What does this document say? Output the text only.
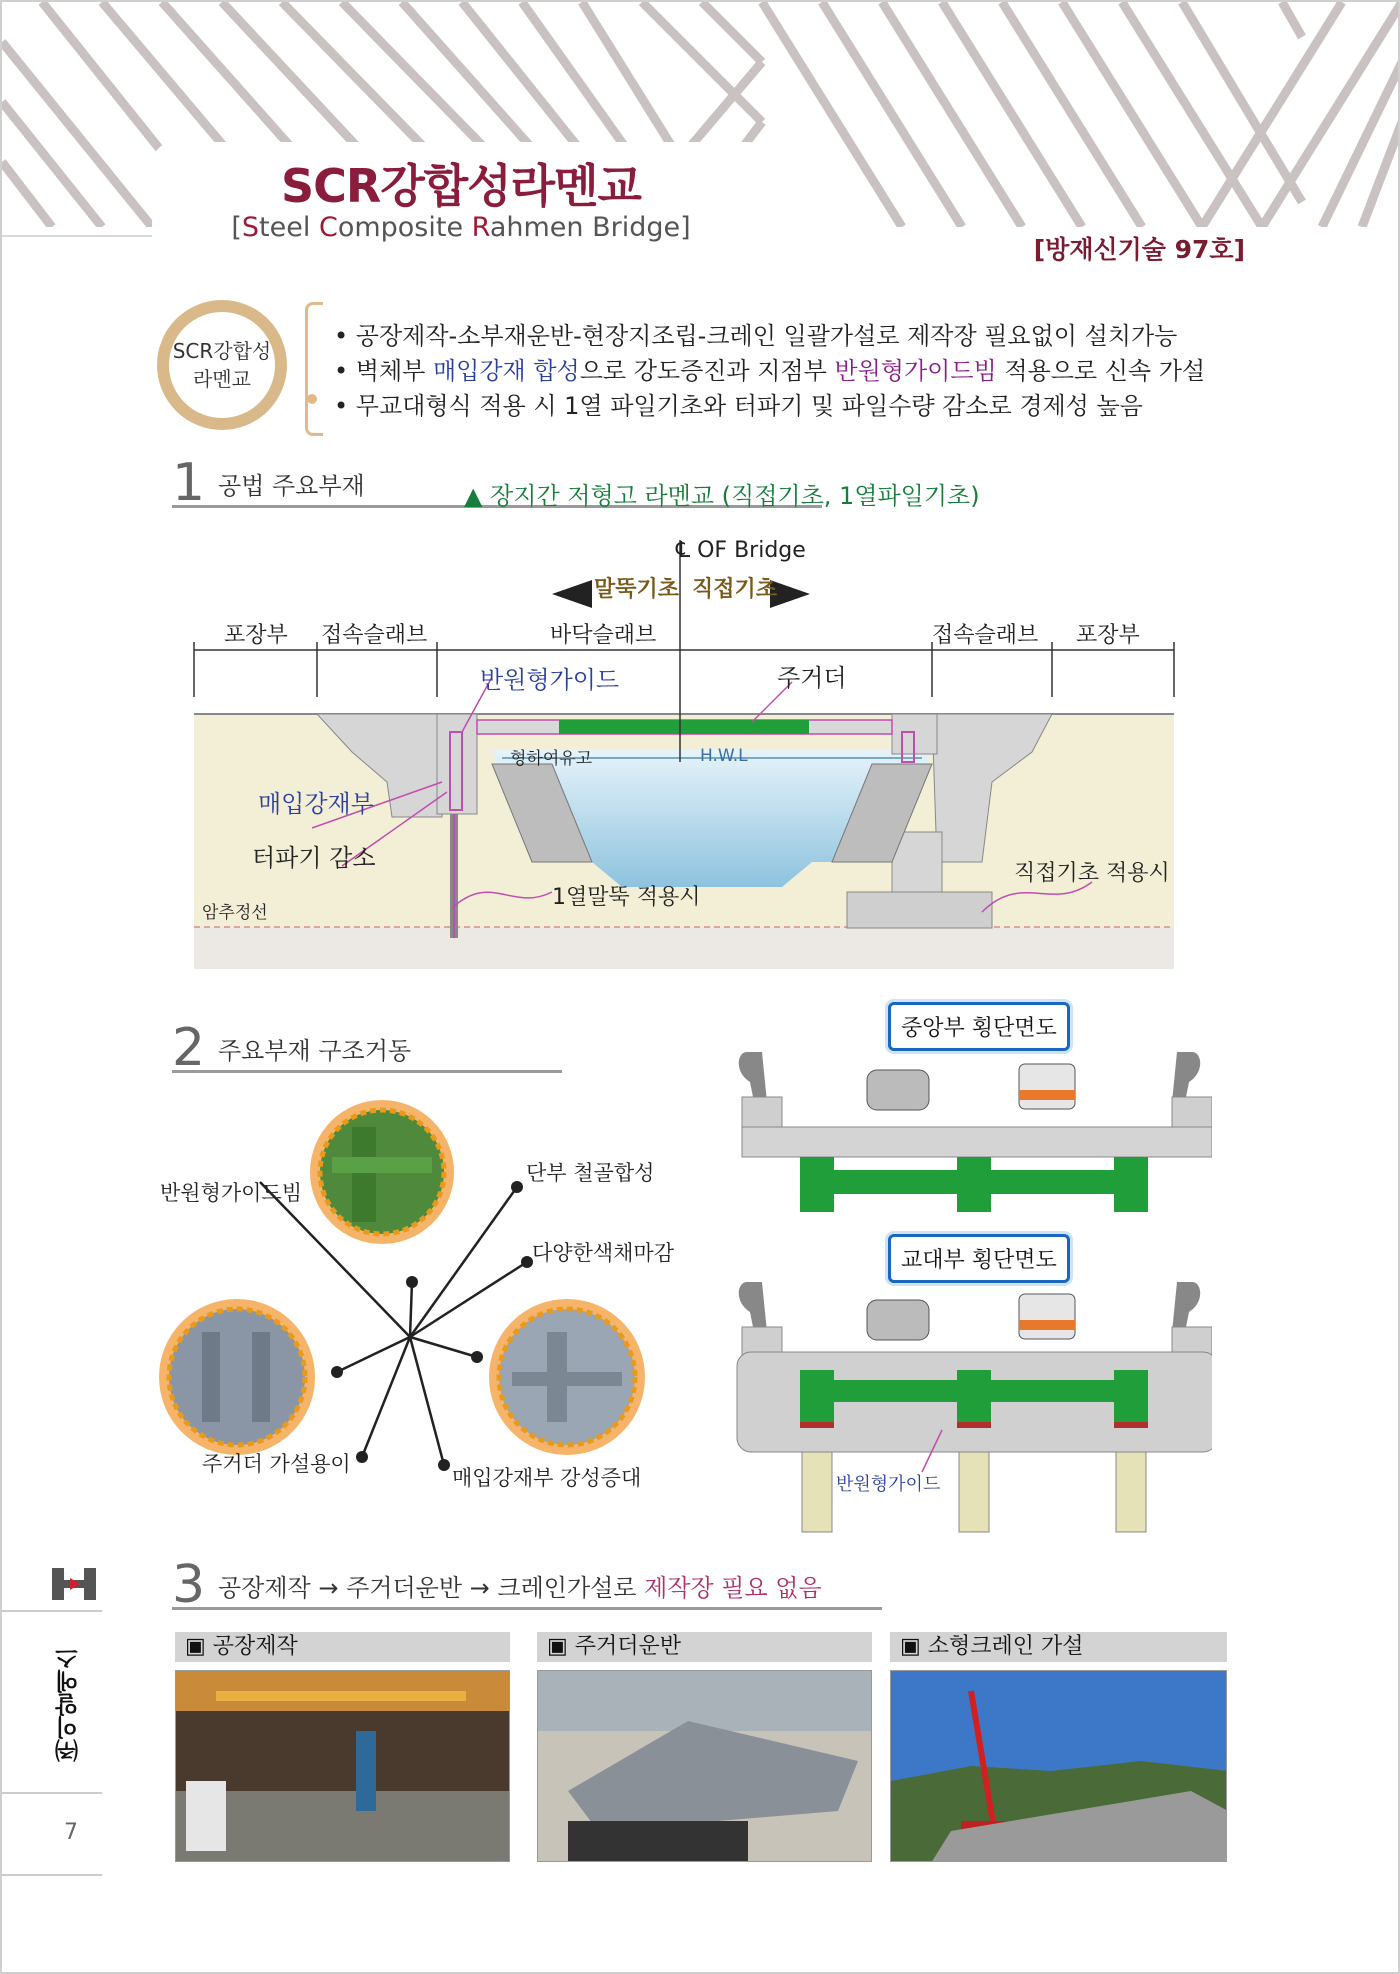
SCR강합성라멘교
[Steel Composite Rahmen Bridge]
[방재신기술 97호]
SCR강합성
라멘교
• 공장제작-소부재운반-현장지조립-크레인 일괄가설로 제작장 필요없이 설치가능
• 벽체부 매입강재 합성으로 강도증진과 지점부 반원형가이드빔 적용으로 신속 가설
• 무교대형식 적용 시 1열 파일기초와 터파기 및 파일수량 감소로 경제성 높음
1 공법 주요부재	▲ 장지간 저형고 라멘교 (직접기초, 1열파일기초)
℄ OF Bridge
말뚝기초 직접기초
포장부 접속슬래브	바닥슬래브	접속슬래브 포장부
반원형가이드	주거더
형하여유고	H.W.L
매입강재부
터파기 감소
암추정선
1열말뚝 적용시
직접기초 적용시
2 주요부재 구조거동
반원형가이드빔
단부 철골합성
다양한색채마감
주거더 가설용이
매입강재부 강성증대
중앙부 횡단면도
교대부 횡단면도
반원형가이드
3 공장제작 → 주거더운반 → 크레인가설로 제작장 필요 없음
▣ 공장제작	▣ 주거더운반	▣ 소형크레인 가설
㈜이알에스
7
